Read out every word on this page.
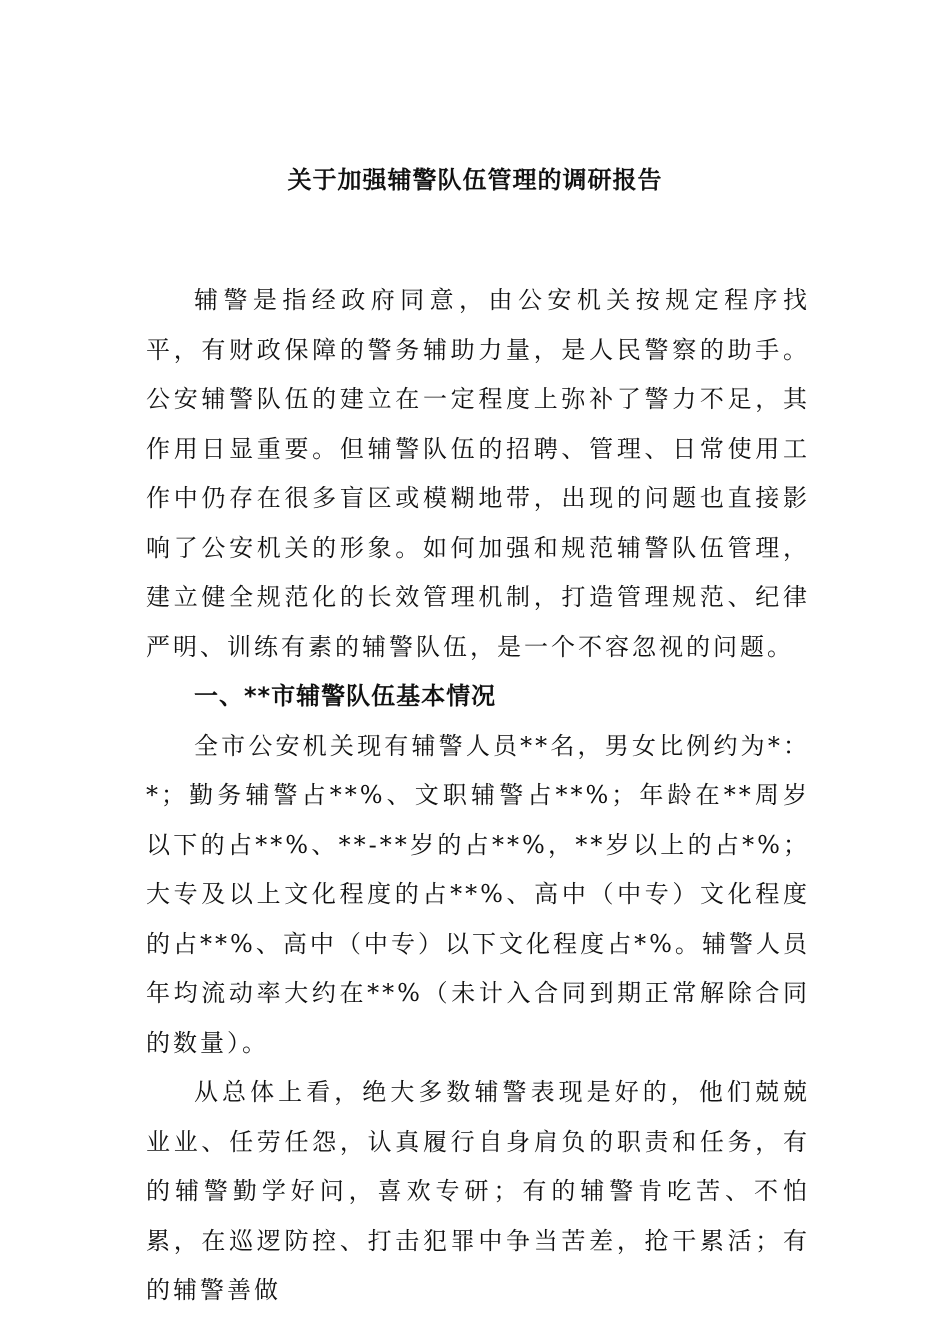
关于加强辅警队伍管理的调研报告

辅警是指经政府同意，由公安机关按规定程序找平，有财政保障的警务辅助力量，是人民警察的助手。公安辅警队伍的建立在一定程度上弥补了警力不足，其作用日显重要。但辅警队伍的招聘、管理、日常使用工作中仍存在很多盲区或模糊地带，出现的问题也直接影响了公安机关的形象。如何加强和规范辅警队伍管理，建立健全规范化的长效管理机制，打造管理规范、纪律严明、训练有素的辅警队伍，是一个不容忽视的问题。

一、**市辅警队伍基本情况

全市公安机关现有辅警人员**名，男女比例约为*：*；勤务辅警占**%、文职辅警占**%；年龄在**周岁以下的占**%、**-**岁的占**%，**岁以上的占*%；大专及以上文化程度的占**%、高中（中专）文化程度的占**%、高中（中专）以下文化程度占*%。辅警人员年均流动率大约在**%（未计入合同到期正常解除合同的数量）。

从总体上看，绝大多数辅警表现是好的，他们兢兢业业、任劳任怨，认真履行自身肩负的职责和任务，有的辅警勤学好问，喜欢专研；有的辅警肯吃苦、不怕累，在巡逻防控、打击犯罪中争当苦差，抢干累活；有的辅警善做
